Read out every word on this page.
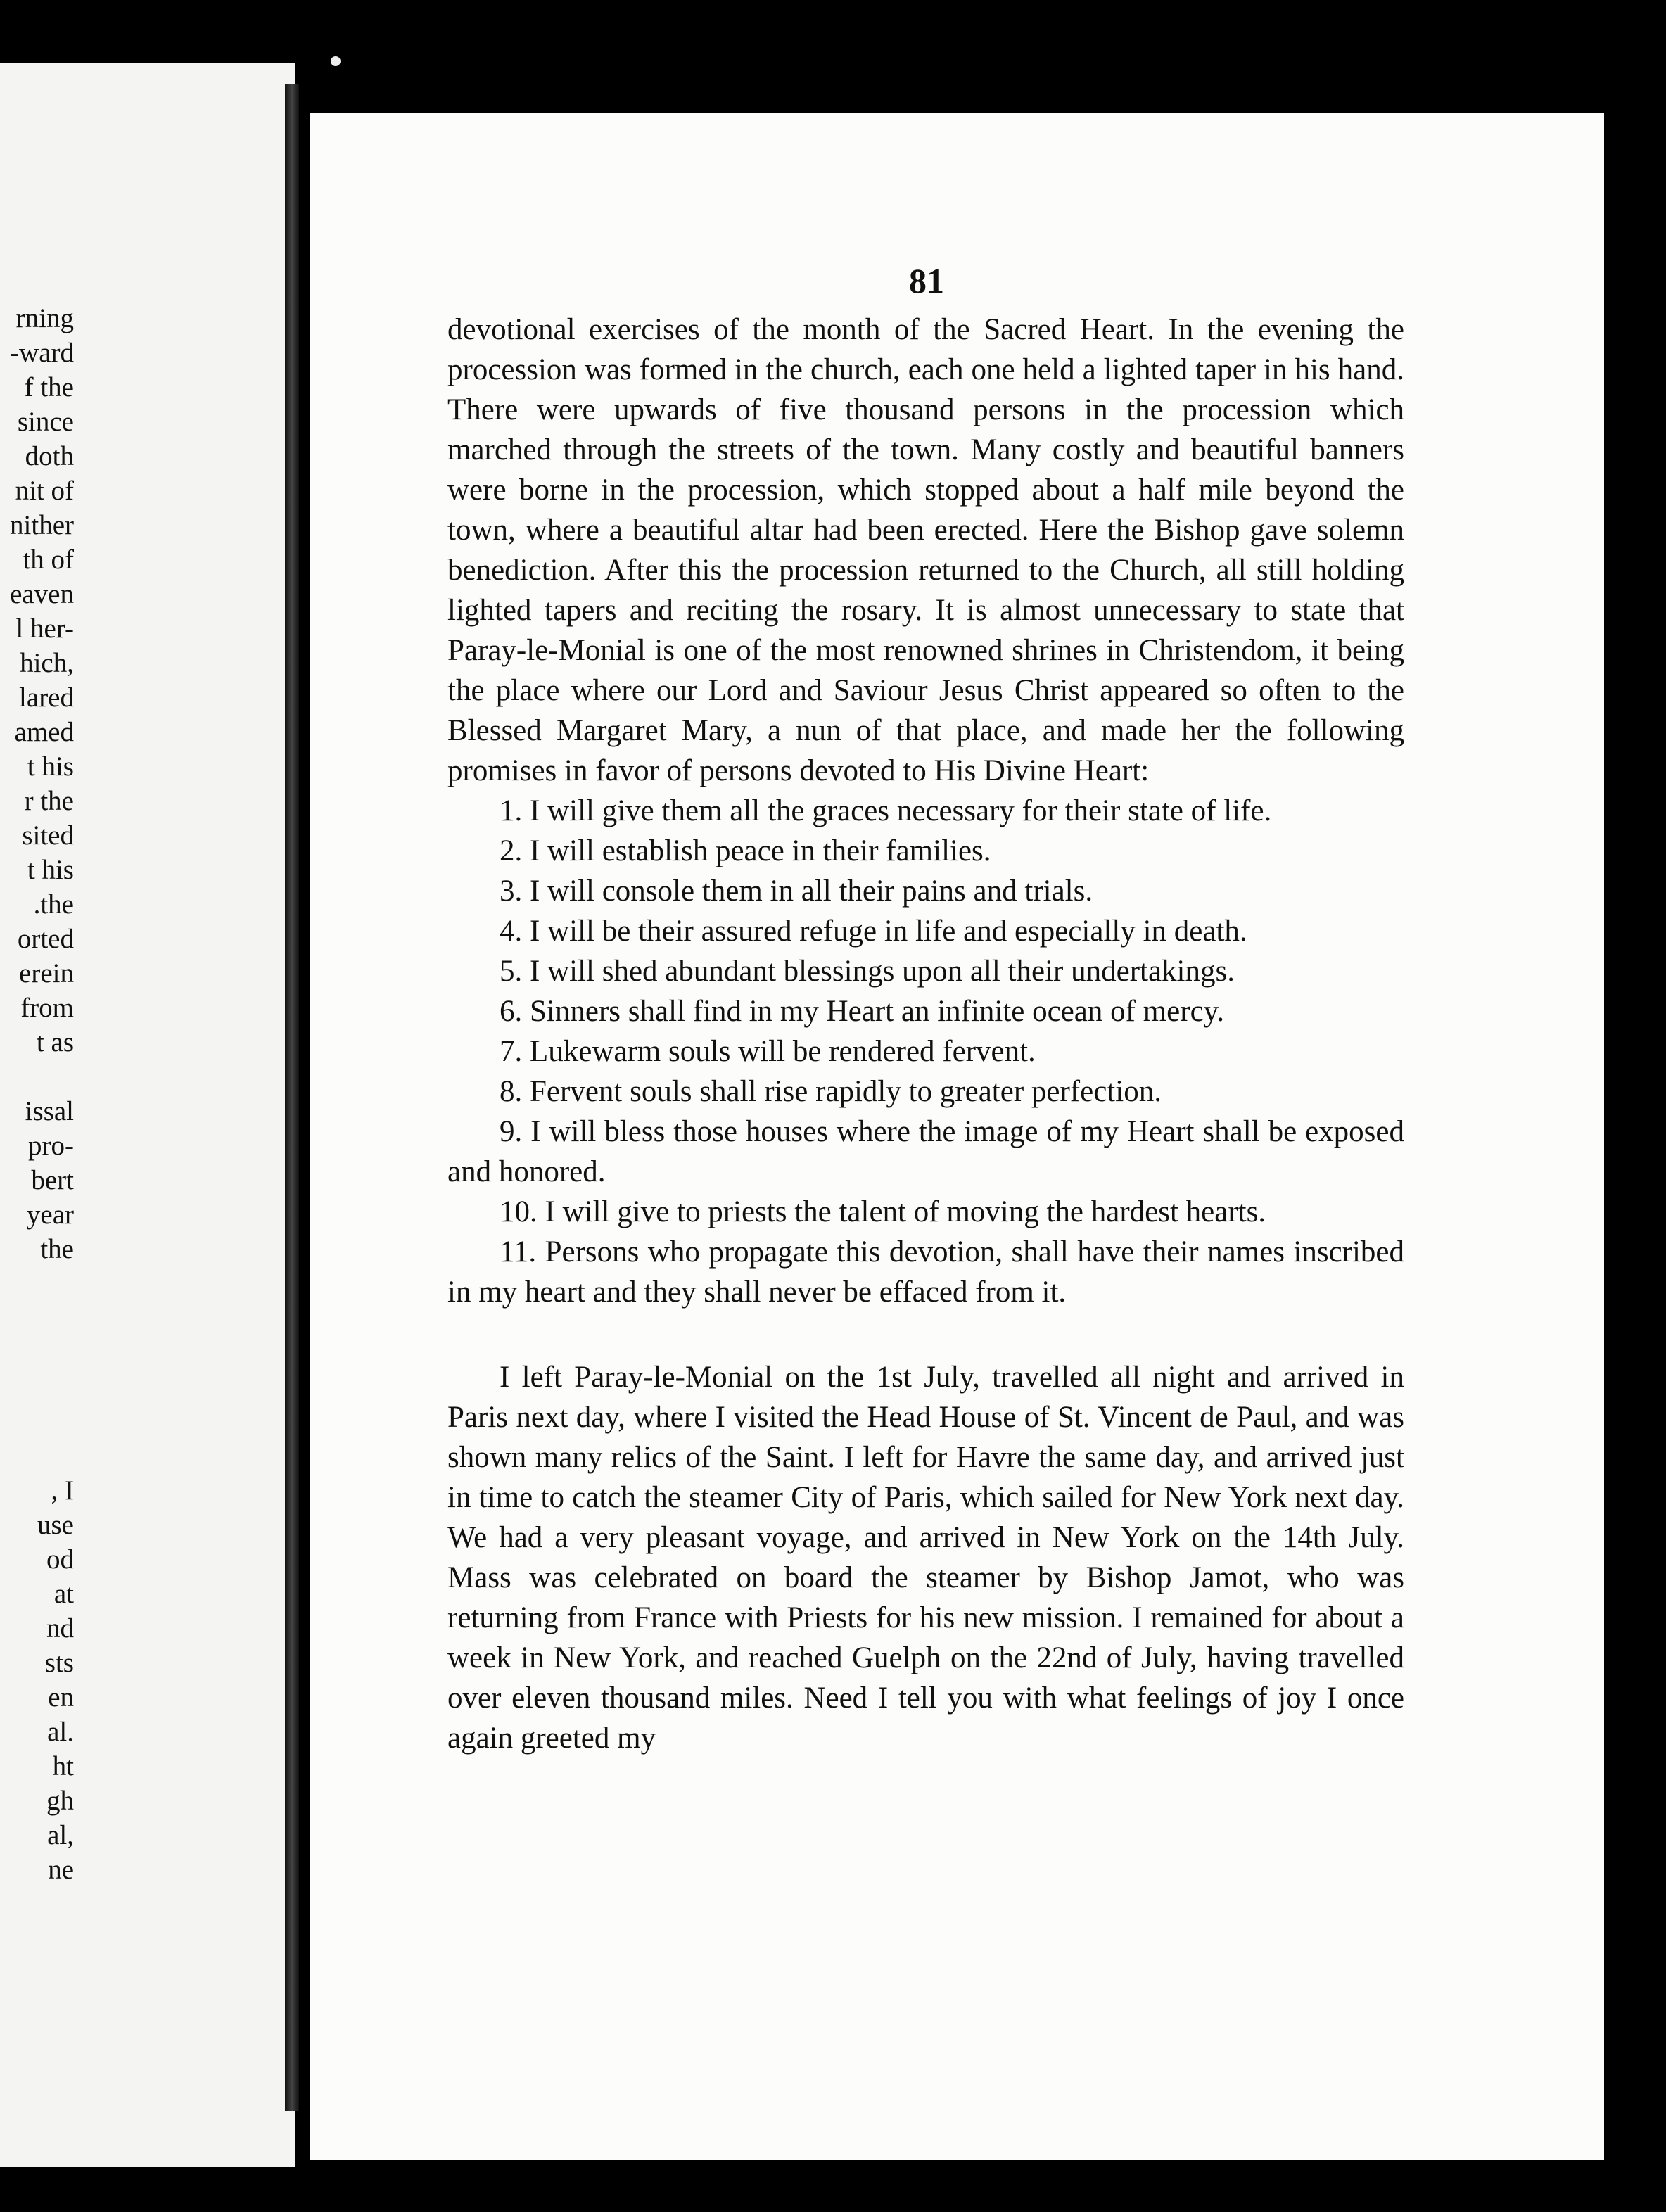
rning
-ward
f the
since
doth
nit of
nither
th of
eaven
l her-
hich,
lared
amed
t his
r the
sited
t his
.the
orted
erein
from
t as
issal
pro-
bert
year
the
, I
use
od
at
nd
sts
en
al.
ht
gh
al,
ne
81

devotional exercises of the month of the Sacred Heart. In the evening the procession was formed in the church, each one held a lighted taper in his hand. There were upwards of five thousand persons in the procession which marched through the streets of the town. Many costly and beautiful banners were borne in the procession, which stopped about a half mile beyond the town, where a beautiful altar had been erected. Here the Bishop gave solemn benediction. After this the procession returned to the Church, all still holding lighted tapers and reciting the rosary. It is almost unnecessary to state that Paray-le-Monial is one of the most renowned shrines in Christendom, it being the place where our Lord and Saviour Jesus Christ appeared so often to the Blessed Margaret Mary, a nun of that place, and made her the following promises in favor of persons devoted to His Divine Heart:

1. I will give them all the graces necessary for their state of life.
2. I will establish peace in their families.
3. I will console them in all their pains and trials.
4. I will be their assured refuge in life and especially in death.
5. I will shed abundant blessings upon all their undertakings.
6. Sinners shall find in my Heart an infinite ocean of mercy.
7. Lukewarm souls will be rendered fervent.
8. Fervent souls shall rise rapidly to greater perfection.
9. I will bless those houses where the image of my Heart shall be exposed and honored.
10. I will give to priests the talent of moving the hardest hearts.
11. Persons who propagate this devotion, shall have their names inscribed in my heart and they shall never be effaced from it.

I left Paray-le-Monial on the 1st July, travelled all night and arrived in Paris next day, where I visited the Head House of St. Vincent de Paul, and was shown many relics of the Saint. I left for Havre the same day, and arrived just in time to catch the steamer City of Paris, which sailed for New York next day. We had a very pleasant voyage, and arrived in New York on the 14th July. Mass was celebrated on board the steamer by Bishop Jamot, who was returning from France with Priests for his new mission. I remained for about a week in New York, and reached Guelph on the 22nd of July, having travelled over eleven thousand miles. Need I tell you with what feelings of joy I once again greeted my
